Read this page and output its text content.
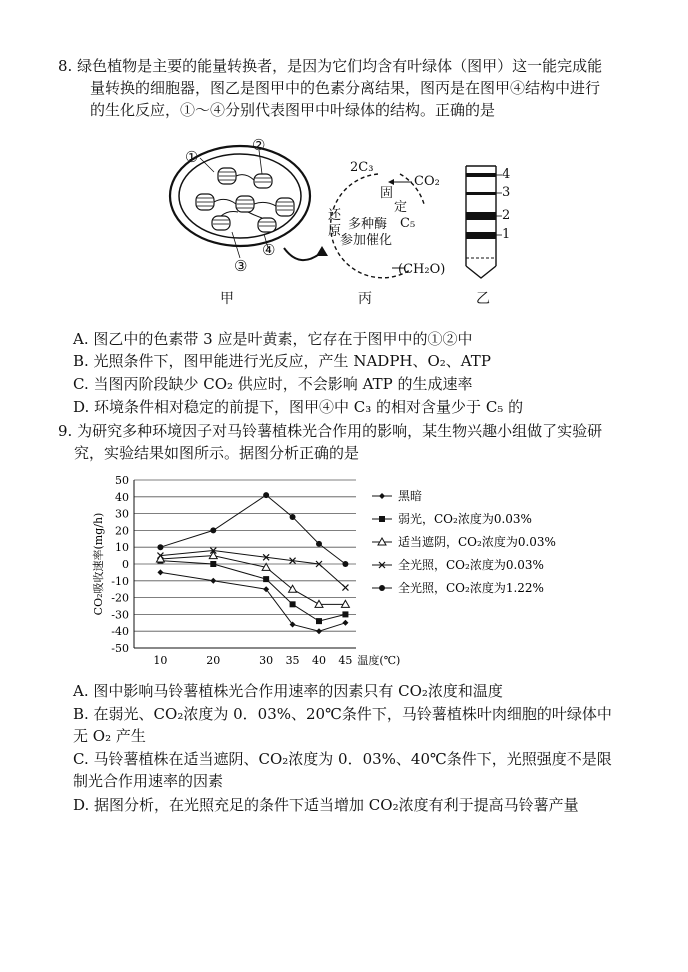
8. 绿色植物是主要的能量转换者，是因为它们均含有叶绿体（图甲）这一能完成能
量转换的细胞器，图乙是图甲中的色素分离结果，图丙是在图甲④结构中进行
的生化反应，①～④分别代表图甲中叶绿体的结构。正确的是
①
②
③
④
甲
2C₃
CO₂
固
定
C₅
还
原 多种酶
参加催化
(CH₂O)
丙
4
3
2
1
乙
A. 图乙中的色素带 3 应是叶黄素，它存在于图甲中的①②中
B. 光照条件下，图甲能进行光反应，产生 NADPH、O₂、ATP
C. 当图丙阶段缺少 CO₂ 供应时，不会影响 ATP 的生成速率
D. 环境条件相对稳定的前提下，图甲④中 C₃ 的相对含量少于 C₅ 的
9. 为研究多种环境因子对马铃薯植株光合作用的影响，某生物兴趣小组做了实验研
究，实验结果如图所示。据图分析正确的是
50
40
30
20
10
0
-10
-20
-30
-40
-50
10	20	30 35 40 45 温度(℃)
CO₂吸收速率(mg/h)
黑暗
弱光，CO₂浓度为0.03%
适当遮阴，CO₂浓度为0.03%
全光照，CO₂浓度为0.03%
全光照，CO₂浓度为1.22%
A. 图中影响马铃薯植株光合作用速率的因素只有 CO₂浓度和温度
B. 在弱光、CO₂浓度为 0．03%、20℃条件下，马铃薯植株叶肉细胞的叶绿体中
无 O₂ 产生
C. 马铃薯植株在适当遮阴、CO₂浓度为 0．03%、40℃条件下，光照强度不是限
制光合作用速率的因素
D. 据图分析，在光照充足的条件下适当增加 CO₂浓度有利于提高马铃薯产量
